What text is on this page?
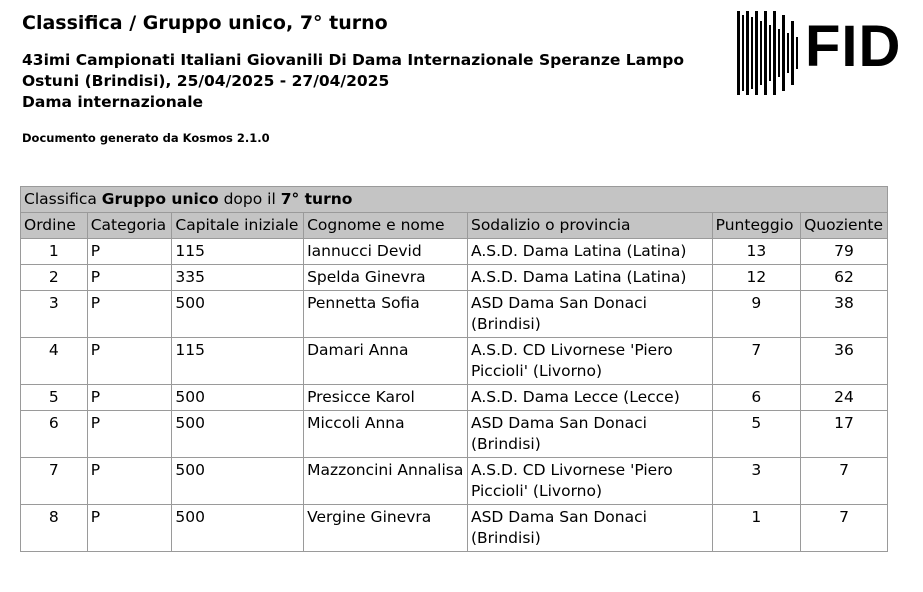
Classifica / Gruppo unico, 7° turno
43imi Campionati Italiani Giovanili Di Dama Internazionale Speranze Lampo
Ostuni (Brindisi), 25/04/2025 - 27/04/2025
Dama internazionale
Documento generato da Kosmos 2.1.0
FID
Classifica Gruppo unico dopo il 7° turno						
Ordine	Categoria	Capitale iniziale	Cognome e nome	Sodalizio o provincia	Punteggio	Quoziente
1	P	115	Iannucci Devid	A.S.D. Dama Latina (Latina)	13	79
2	P	335	Spelda Ginevra	A.S.D. Dama Latina (Latina)	12	62
3	P	500	Pennetta Sofia	ASD Dama San Donaci (Brindisi)	9	38
4	P	115	Damari Anna	A.S.D. CD Livornese 'Piero Piccioli' (Livorno)	7	36
5	P	500	Presicce Karol	A.S.D. Dama Lecce (Lecce)	6	24
6	P	500	Miccoli Anna	ASD Dama San Donaci (Brindisi)	5	17
7	P	500	Mazzoncini Annalisa	A.S.D. CD Livornese 'Piero Piccioli' (Livorno)	3	7
8	P	500	Vergine Ginevra	ASD Dama San Donaci (Brindisi)	1	7
